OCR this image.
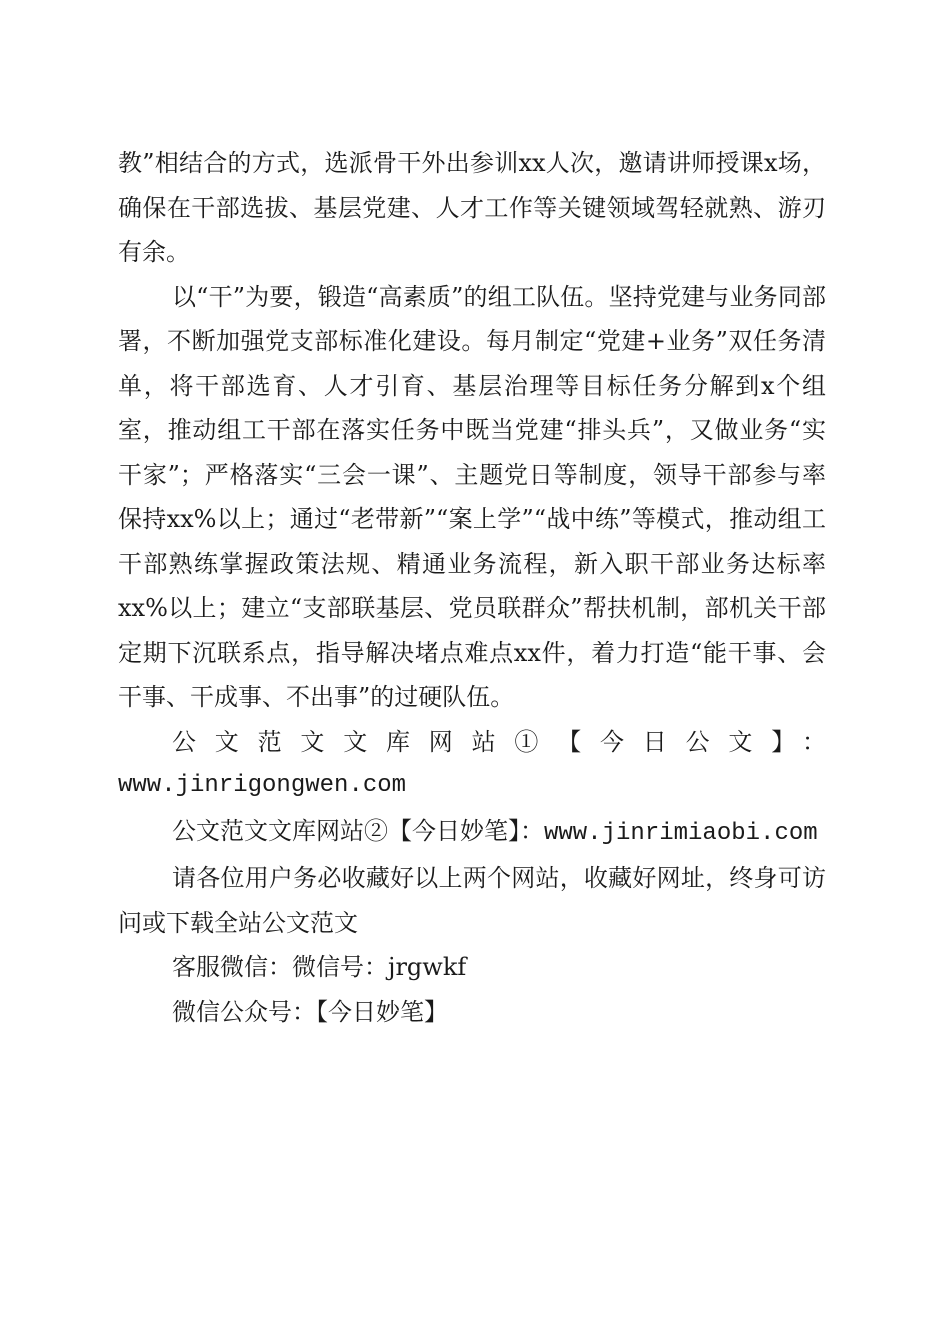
教”相结合的方式，选派骨干外出参训xx人次，邀请讲师授课x场，确保在干部选拔、基层党建、人才工作等关键领域驾轻就熟、游刃有余。

以“干”为要，锻造“高素质”的组工队伍。坚持党建与业务同部署，不断加强党支部标准化建设。每月制定“党建+业务”双任务清单，将干部选育、人才引育、基层治理等目标任务分解到x个组室，推动组工干部在落实任务中既当党建“排头兵”，又做业务“实干家”；严格落实“三会一课”、主题党日等制度，领导干部参与率保持xx%以上；通过“老带新”“案上学”“战中练”等模式，推动组工干部熟练掌握政策法规、精通业务流程，新入职干部业务达标率xx%以上；建立“支部联基层、党员联群众”帮扶机制，部机关干部定期下沉联系点，指导解决堵点难点xx件，着力打造“能干事、会干事、干成事、不出事”的过硬队伍。

公文范文文库网站①【今日公文】：

www.jinrigongwen.com

公文范文文库网站②【今日妙笔】：www.jinrimiaobi.com

请各位用户务必收藏好以上两个网站，收藏好网址，终身可访问或下载全站公文范文

客服微信：微信号：jrgwkf

微信公众号：【今日妙笔】
